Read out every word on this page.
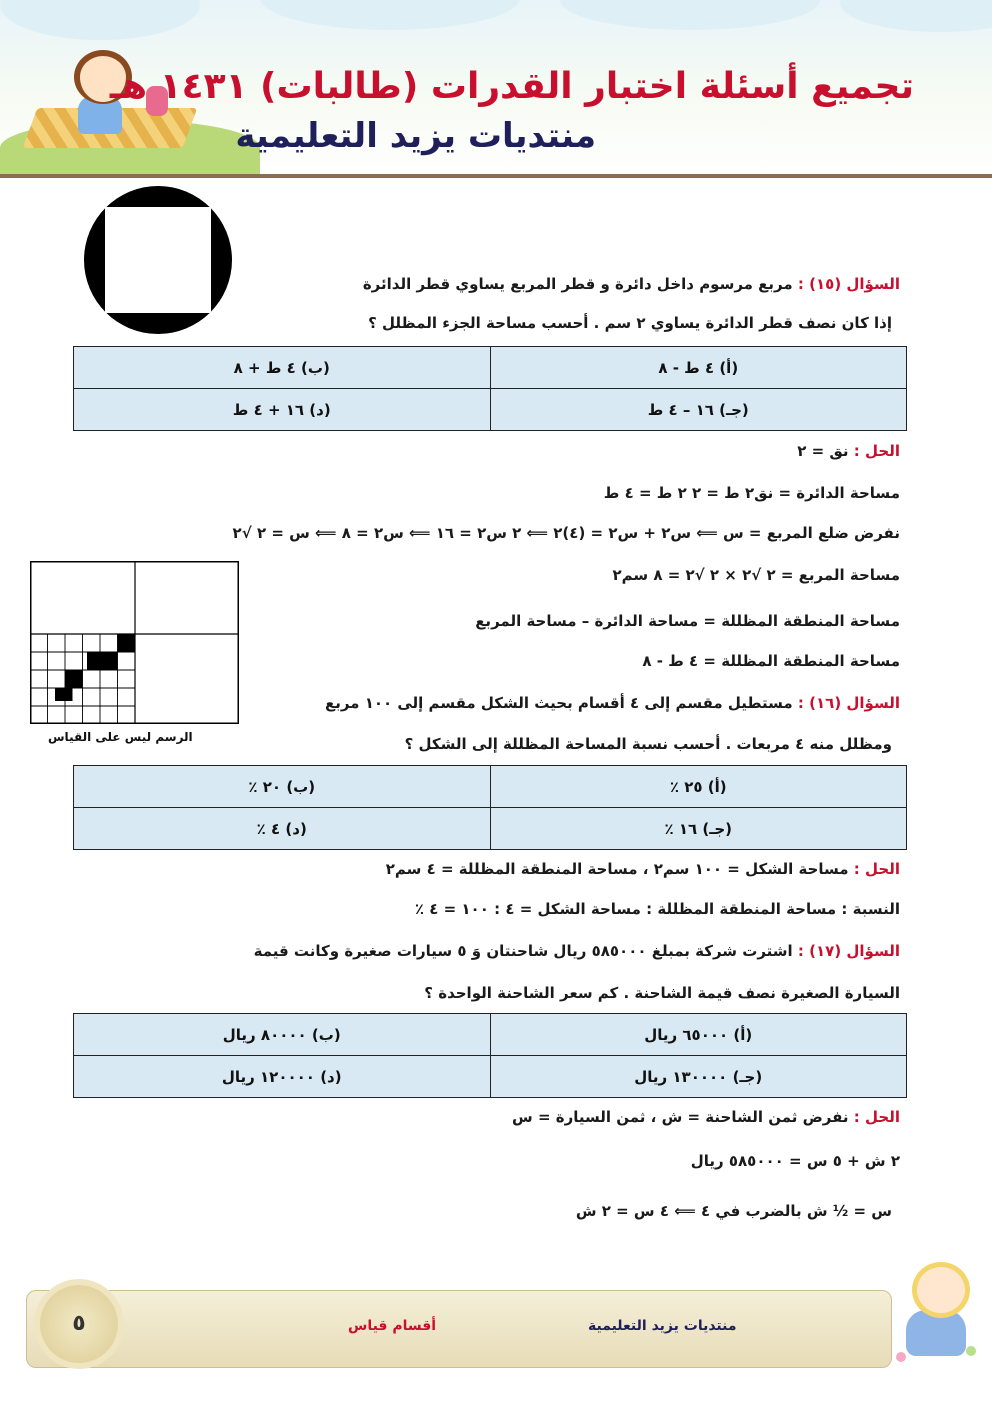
تجميع أسئلة اختبار القدرات (طالبات) ١٤٣١ هـ
منتديات يزيد التعليمية
السؤال (١٥) : مربع مرسوم داخل دائرة و قطر المربع يساوي قطر الدائرة
إذا كان نصف قطر الدائرة يساوي ٢ سم . أحسب مساحة الجزء المظلل ؟
(أ) ٤ ط - ٨	(ب) ٤ ط + ٨
(جـ) ١٦ – ٤ ط	(د) ١٦ + ٤ ط
الحل : نق = ٢
مساحة الدائرة = نق٢ ط = ٢ ٢ ط = ٤ ط
نفرض ضلع المربع = س ⟸ س٢ + س٢ = (٤)٢ ⟸ ٢ س٢ = ١٦ ⟸ س٢ = ٨ ⟸ س = ٢ √٢
مساحة المربع = ٢ √٢ × ٢ √٢ = ٨ سم٢
مساحة المنطقة المظللة = مساحة الدائرة – مساحة المربع
مساحة المنطقة المظللة = ٤ ط - ٨
الرسم ليس على القياس
السؤال (١٦) : مستطيل مقسم إلى ٤ أقسام بحيث الشكل مقسم إلى ١٠٠ مربع
ومظلل منه ٤ مربعات . أحسب نسبة المساحة المظللة إلى الشكل ؟
(أ) ٢٥ ٪	(ب) ٢٠ ٪
(جـ) ١٦ ٪	(د) ٤ ٪
الحل : مساحة الشكل = ١٠٠ سم٢ ، مساحة المنطقة المظللة = ٤ سم٢
النسبة : مساحة المنطقة المظللة : مساحة الشكل = ٤ : ١٠٠ = ٤ ٪
السؤال (١٧) : اشترت شركة بمبلغ ٥٨٥٠٠٠ ريال شاحنتان وَ ٥ سيارات صغيرة وكانت قيمة
السيارة الصغيرة نصف قيمة الشاحنة . كم سعر الشاحنة الواحدة ؟
(أ) ٦٥٠٠٠ ريال	(ب) ٨٠٠٠٠ ريال
(جـ) ١٣٠٠٠٠ ريال	(د) ١٢٠٠٠٠ ريال
الحل : نفرض ثمن الشاحنة = ش ، ثمن السيارة = س
٢ ش + ٥ س = ٥٨٥٠٠٠ ريال
س = ½ ش بالضرب في ٤ ⟸ ٤ س = ٢ ش
٥	منتديات يزيد التعليمية
أقسام قياس
